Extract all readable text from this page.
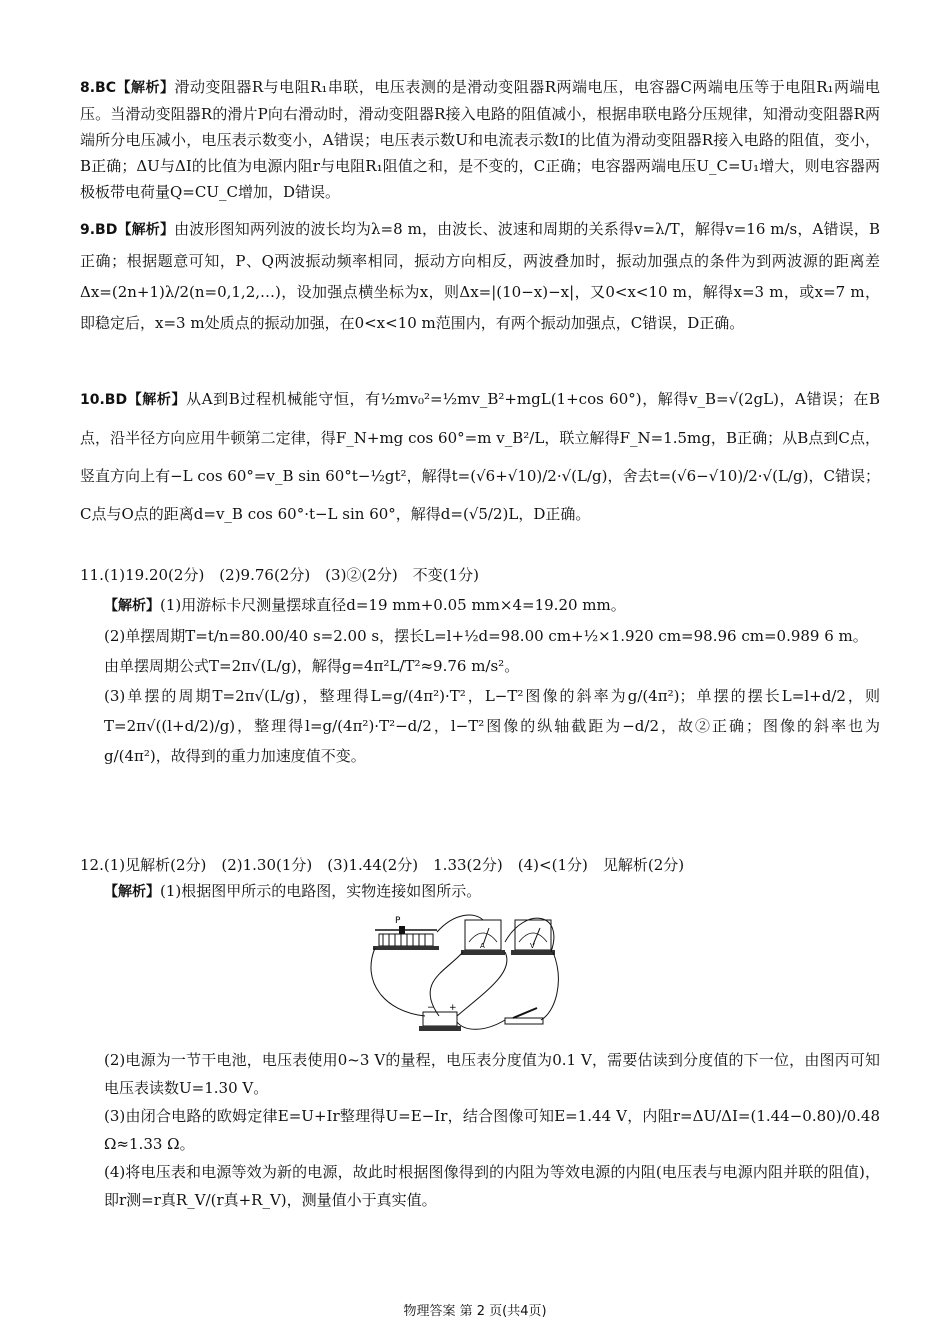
8.BC【解析】滑动变阻器R与电阻R₁串联，电压表测的是滑动变阻器R两端电压，电容器C两端电压等于电阻R₁两端电压。当滑动变阻器R的滑片P向右滑动时，滑动变阻器R接入电路的阻值减小，根据串联电路分压规律，知滑动变阻器R两端所分电压减小，电压表示数变小，A错误；电压表示数U和电流表示数I的比值为滑动变阻器R接入电路的阻值，变小，B正确；ΔU与ΔI的比值为电源内阻r与电阻R₁阻值之和，是不变的，C正确；电容器两端电压U_C=U₁增大，则电容器两极板带电荷量Q=CU_C增加，D错误。

9.BD【解析】由波形图知两列波的波长均为λ=8 m，由波长、波速和周期的关系得v=λ/T，解得v=16 m/s，A错误，B正确；根据题意可知，P、Q两波振动频率相同，振动方向相反，两波叠加时，振动加强点的条件为到两波源的距离差Δx=(2n+1)λ/2(n=0,1,2,…)，设加强点横坐标为x，则Δx=|(10−x)−x|，又0<x<10 m，解得x=3 m，或x=7 m，即稳定后，x=3 m处质点的振动加强，在0<x<10 m范围内，有两个振动加强点，C错误，D正确。

10.BD【解析】从A到B过程机械能守恒，有½mv₀²=½mv_B²+mgL(1+cos 60°)，解得v_B=√(2gL)，A错误；在B点，沿半径方向应用牛顿第二定律，得F_N+mg cos 60°=m v_B²/L，联立解得F_N=1.5mg，B正确；从B点到C点，竖直方向上有−L cos 60°=v_B sin 60°t−½gt²，解得t=(√6+√10)/2·√(L/g)，舍去t=(√6−√10)/2·√(L/g)，C错误；C点与O点的距离d=v_B cos 60°·t−L sin 60°，解得d=(√5/2)L，D正确。

11.(1)19.20(2分)　(2)9.76(2分)　(3)②(2分)　不变(1分)

【解析】(1)用游标卡尺测量摆球直径d=19 mm+0.05 mm×4=19.20 mm。

(2)单摆周期T=t/n=80.00/40 s=2.00 s，摆长L=l+½d=98.00 cm+½×1.920 cm=98.96 cm=0.989 6 m。

由单摆周期公式T=2π√(L/g)，解得g=4π²L/T²≈9.76 m/s²。

(3)单摆的周期T=2π√(L/g)，整理得L=g/(4π²)·T²，L−T²图像的斜率为g/(4π²)；单摆的摆长L=l+d/2，则T=2π√((l+d/2)/g)，整理得l=g/(4π²)·T²−d/2，l−T²图像的纵轴截距为−d/2，故②正确；图像的斜率也为g/(4π²)，故得到的重力加速度值不变。

12.(1)见解析(2分)　(2)1.30(1分)　(3)1.44(2分)　1.33(2分)　(4)<(1分)　见解析(2分)

【解析】(1)根据图甲所示的电路图，实物连接如图所示。

P
A	V
− +

(2)电源为一节干电池，电压表使用0~3 V的量程，电压表分度值为0.1 V，需要估读到分度值的下一位，由图丙可知电压表读数U=1.30 V。

(3)由闭合电路的欧姆定律E=U+Ir整理得U=E−Ir，结合图像可知E=1.44 V，内阻r=ΔU/ΔI=(1.44−0.80)/0.48 Ω≈1.33 Ω。

(4)将电压表和电源等效为新的电源，故此时根据图像得到的内阻为等效电源的内阻(电压表与电源内阻并联的阻值)，即r测=r真R_V/(r真+R_V)，测量值小于真实值。

物理答案 第 2 页(共4页)
